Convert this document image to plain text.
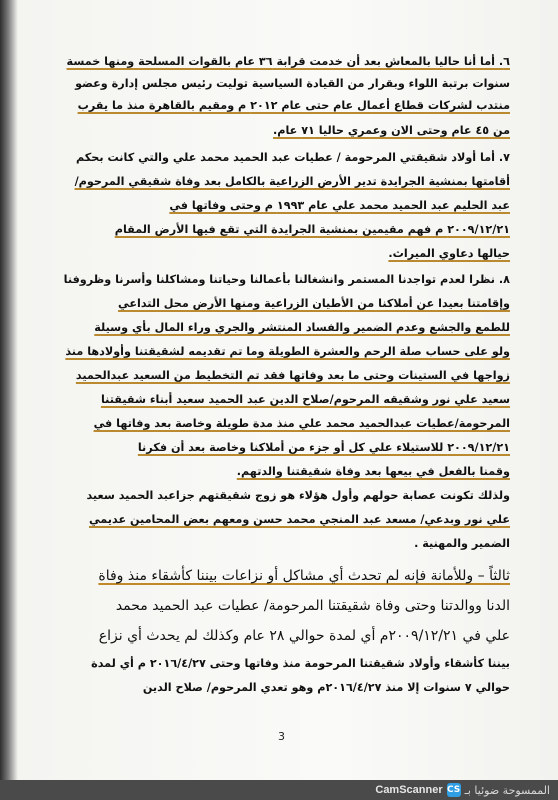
٦. أما أنا حاليا بالمعاش بعد أن خدمت قرابة ٣٦ عام بالقوات المسلحة ومنها خمسة
سنوات برتبة اللواء وبقرار من القيادة السياسية توليت رئيس مجلس إدارة وعضو
منتدب لشركات قطاع أعمال عام حتى عام ٢٠١٢ م ومقيم بالقاهرة منذ ما يقرب
من ٤٥ عام وحتى الان وعمري حاليا ٧١ عام.
٧. أما أولاد شقيقتي المرحومة / عطيات عبد الحميد محمد علي والتي كانت بحكم
أقامتها بمنشية الجرايدة تدير الأرض الزراعية بالكامل بعد وفاة شقيقي المرحوم/
عبد الحليم عبد الحميد محمد علي عام ١٩٩٣ م وحتى وفاتها في
٢٠٠٩/١٢/٢١ م فهم مقيمين بمنشية الجرايدة التي تقع فيها الأرض المقام
حيالها دعاوي الميراث.
٨. نظرا لعدم تواجدنا المستمر وانشغالنا بأعمالنا وحياتنا ومشاكلنا وأسرنا وظروفنا
وإقامتنا بعيدا عن أملاكنا من الأطيان الزراعية ومنها الأرض محل التداعي
للطمع والجشع وعدم الضمير والفساد المنتشر والجري وراء المال بأي وسيلة
ولو على حساب صلة الرحم والعشرة الطويلة وما تم تقديمه لشقيقتنا وأولادها منذ
زواجها في الستينات وحتى ما بعد وفاتها فقد تم التخطيط من السعيد عبدالحميد
سعيد علي نور وشقيقه المرحوم/صلاح الدين عبد الحميد سعيد أبناء شقيقتنا
المرحومة/عطيات عبدالحميد محمد علي منذ مدة طويلة وخاصة بعد وفاتها في
٢٠٠٩/١٢/٢١ للاستيلاء علي كل أو جزء من أملاكنا وخاصة بعد أن فكرنا
وقمنا بالفعل في بيعها بعد وفاة شقيقتنا والدتهم.
ولذلك تكونت عصابة حولهم وأول هؤلاء هو زوج شقيقتهم جزاعبد الحميد سعيد
علي نور وبدعي/ مسعد عبد المنجي محمد حسن ومعهم بعض المحامين عديمي
الضمير والمهنية .
ثالثاً – وللأمانة فإنه لم تحدث أي مشاكل أو نزاعات بيننا كأشقاء منذ وفاة
الدنا ووالدتنا وحتى وفاة شقيقتنا المرحومة/ عطيات عبد الحميد محمد
علي في ٢٠٠٩/١٢/٢١م أي لمدة حوالي ٢٨ عام وكذلك لم يحدث أي نزاع
بيننا كأشقاء وأولاد شقيقتنا المرحومة منذ وفاتها وحتى ٢٠١٦/٤/٢٧ م أي لمدة
حوالي ٧ سنوات إلا منذ ٢٠١٦/٤/٢٧م وهو تعدي المرحوم/ صلاح الدين
3
الممسوحة ضوئيا بـ
CS
CamScanner
